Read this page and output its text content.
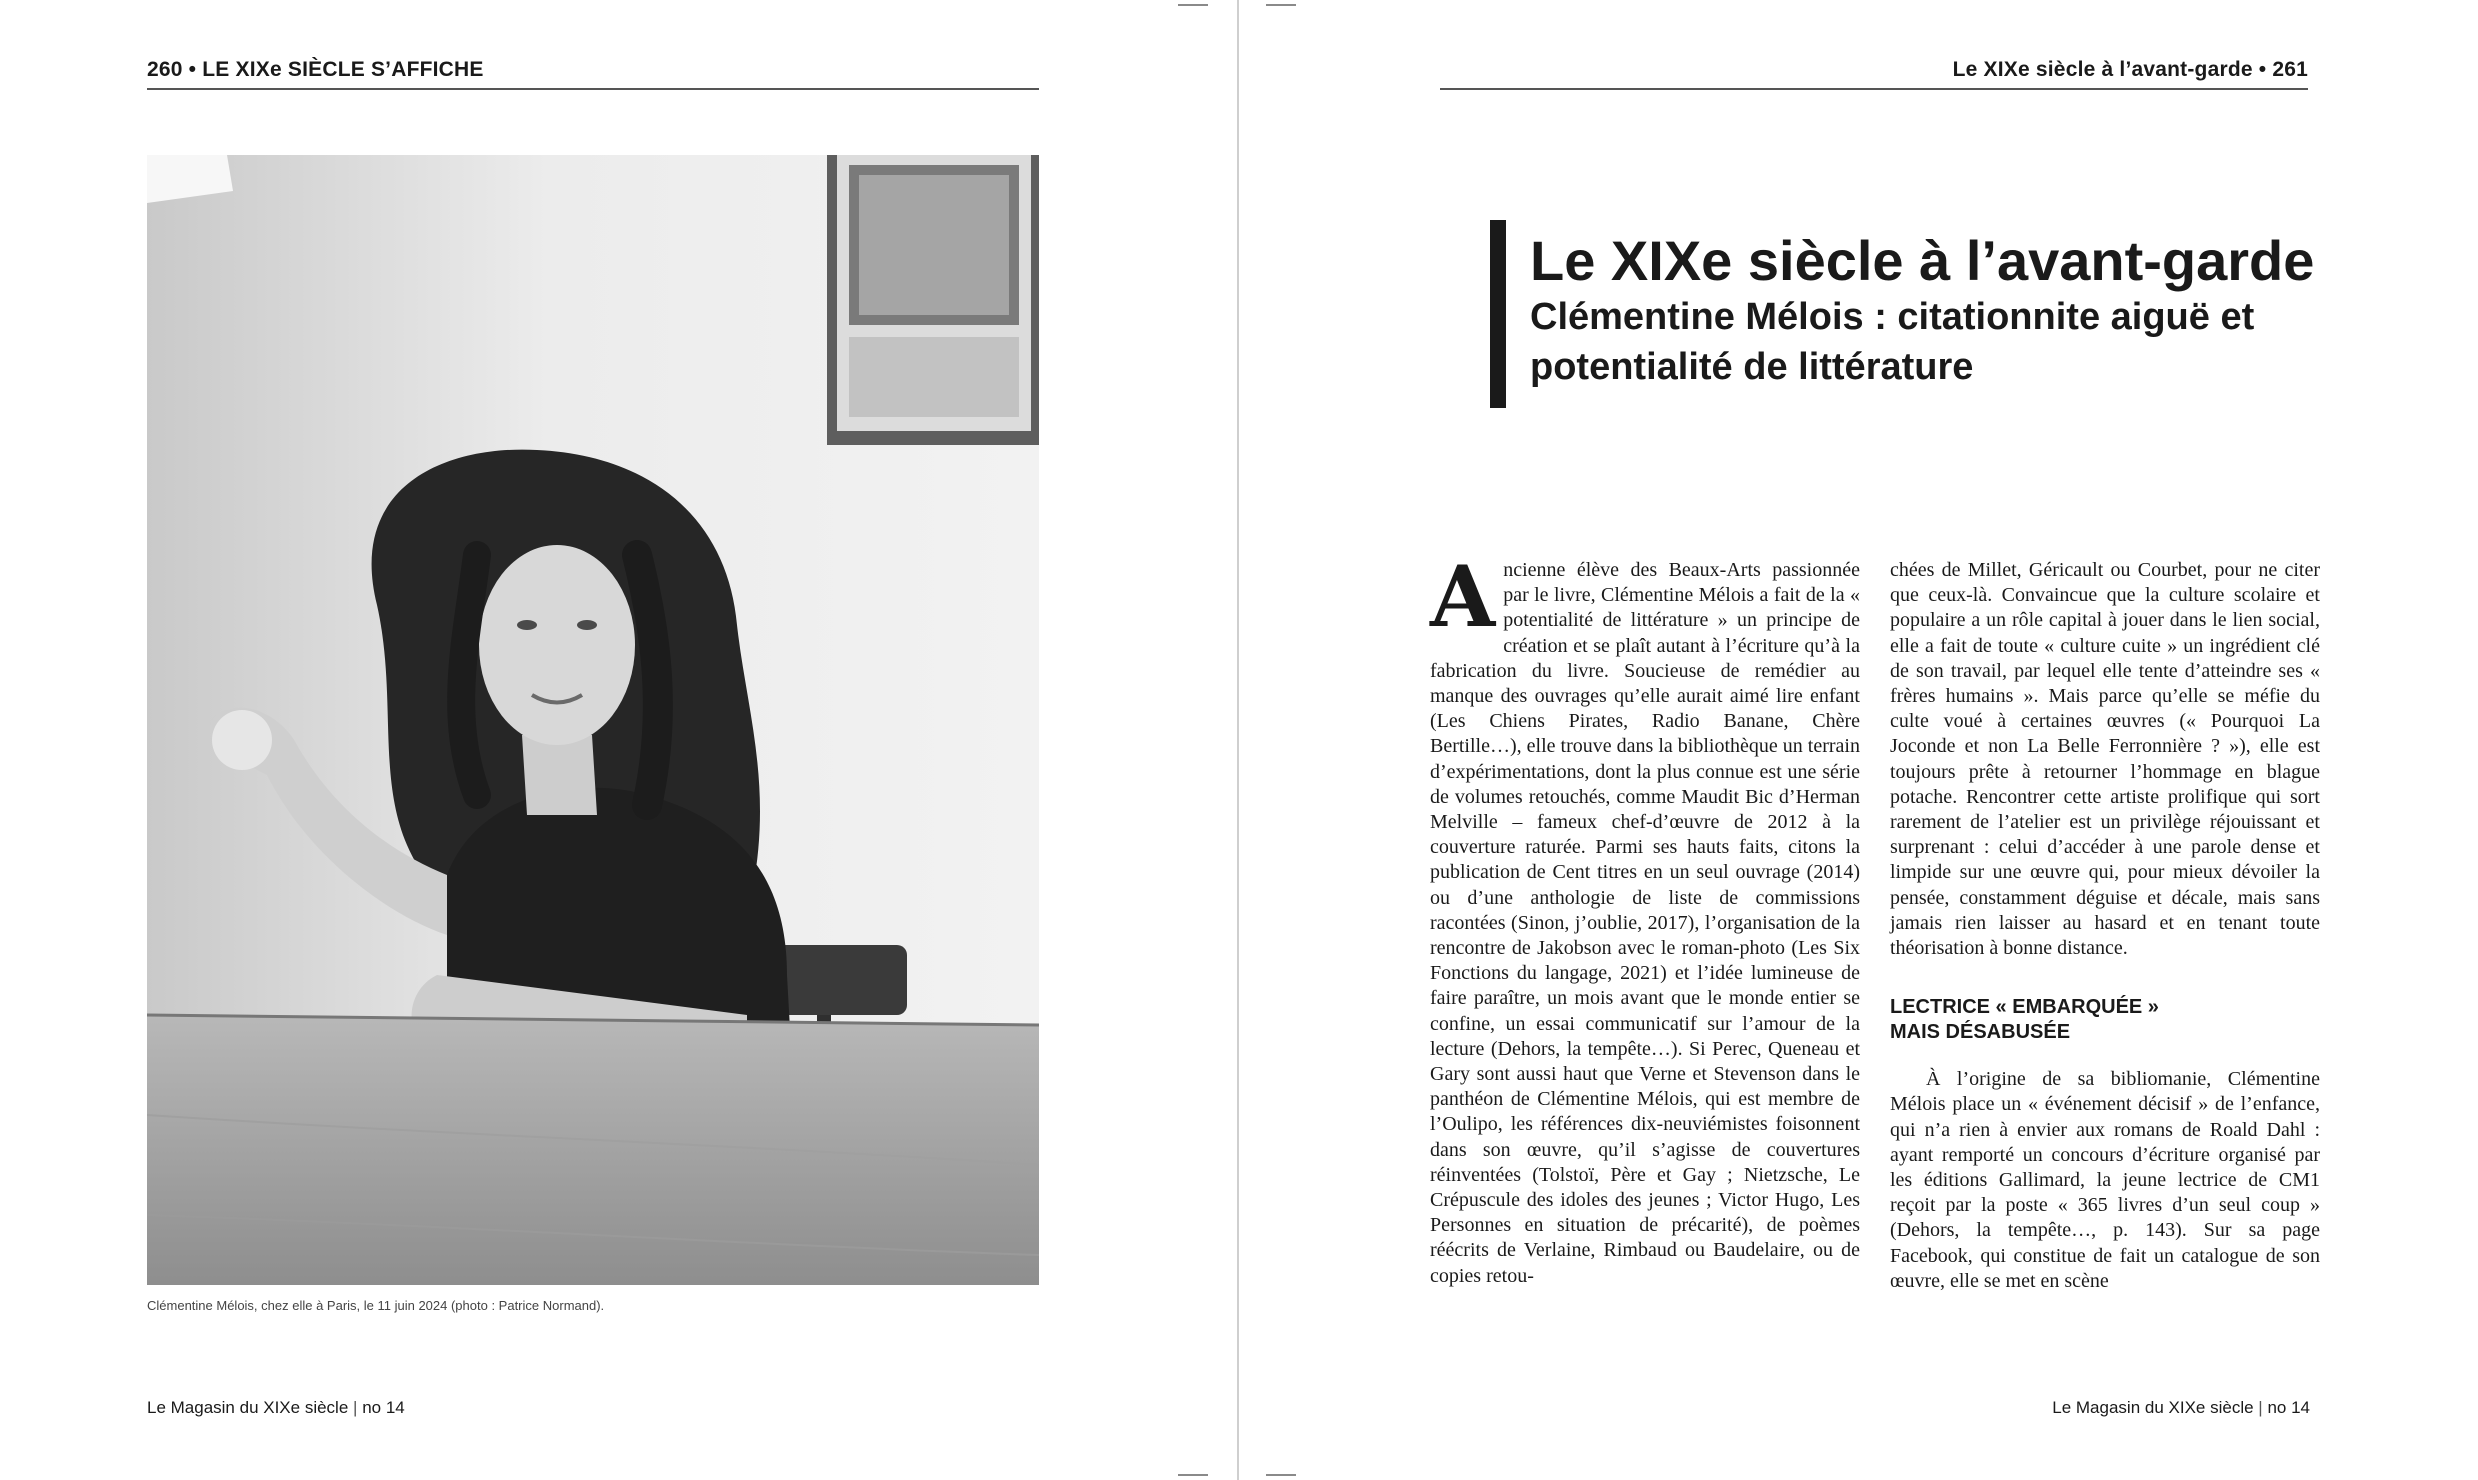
260 • LE XIXe SIÈCLE S’AFFICHE
Clémentine Mélois, chez elle à Paris, le 11 juin 2024 (photo : Patrice Normand).
Le Magasin du XIXe siècle | no 14
Le XIXe siècle à l’avant-garde • 261
Le XIXe siècle à l’avant-garde
Clémentine Mélois : citationnite aiguë et potentialité de littérature
A ncienne élève des Beaux-Arts passionnée par le livre, Clémentine Mélois a fait de la « potentialité de littérature » un principe de création et se plaît autant à l’écriture qu’à la fabrication du livre. Soucieuse de remédier au manque des ouvrages qu’elle aurait aimé lire enfant (Les Chiens Pirates, Radio Banane, Chère Bertille…), elle trouve dans la bibliothèque un terrain d’expérimentations, dont la plus connue est une série de volumes retouchés, comme Maudit Bic d’Herman Melville – fameux chef-d’œuvre de 2012 à la couverture raturée. Parmi ses hauts faits, citons la publication de Cent titres en un seul ouvrage (2014) ou d’une anthologie de liste de commissions racontées (Sinon, j’oublie, 2017), l’organisation de la rencontre de Jakobson avec le roman-photo (Les Six Fonctions du langage, 2021) et l’idée lumineuse de faire paraître, un mois avant que le monde entier se confine, un essai communicatif sur l’amour de la lecture (Dehors, la tempête…). Si Perec, Queneau et Gary sont aussi haut que Verne et Stevenson dans le panthéon de Clémentine Mélois, qui est membre de l’Oulipo, les références dix-neuviémistes foisonnent dans son œuvre, qu’il s’agisse de couvertures réinventées (Tolstoï, Père et Gay ; Nietzsche, Le Crépuscule des idoles des jeunes ; Victor Hugo, Les Personnes en situation de précarité), de poèmes réécrits de Verlaine, Rimbaud ou Baudelaire, ou de copies retou-

chées de Millet, Géricault ou Courbet, pour ne citer que ceux-là. Convaincue que la culture scolaire et populaire a un rôle capital à jouer dans le lien social, elle a fait de toute « culture cuite » un ingrédient clé de son travail, par lequel elle tente d’atteindre ses « frères humains ». Mais parce qu’elle se méfie du culte voué à certaines œuvres (« Pourquoi La Joconde et non La Belle Ferronnière ? »), elle est toujours prête à retourner l’hommage en blague potache. Rencontrer cette artiste prolifique qui sort rarement de l’atelier est un privilège réjouissant et surprenant : celui d’accéder à une parole dense et limpide sur une œuvre qui, pour mieux dévoiler la pensée, constamment déguise et décale, mais sans jamais rien laisser au hasard et en tenant toute théorisation à bonne distance.

LECTRICE « EMBARQUÉE »
MAIS DÉSABUSÉE

À l’origine de sa bibliomanie, Clémentine Mélois place un « événement décisif » de l’enfance, qui n’a rien à envier aux romans de Roald Dahl : ayant remporté un concours d’écriture organisé par les éditions Gallimard, la jeune lectrice de CM1 reçoit par la poste « 365 livres d’un seul coup » (Dehors, la tempête…, p. 143). Sur sa page Facebook, qui constitue de fait un catalogue de son œuvre, elle se met en scène

Le Magasin du XIXe siècle | no 14
